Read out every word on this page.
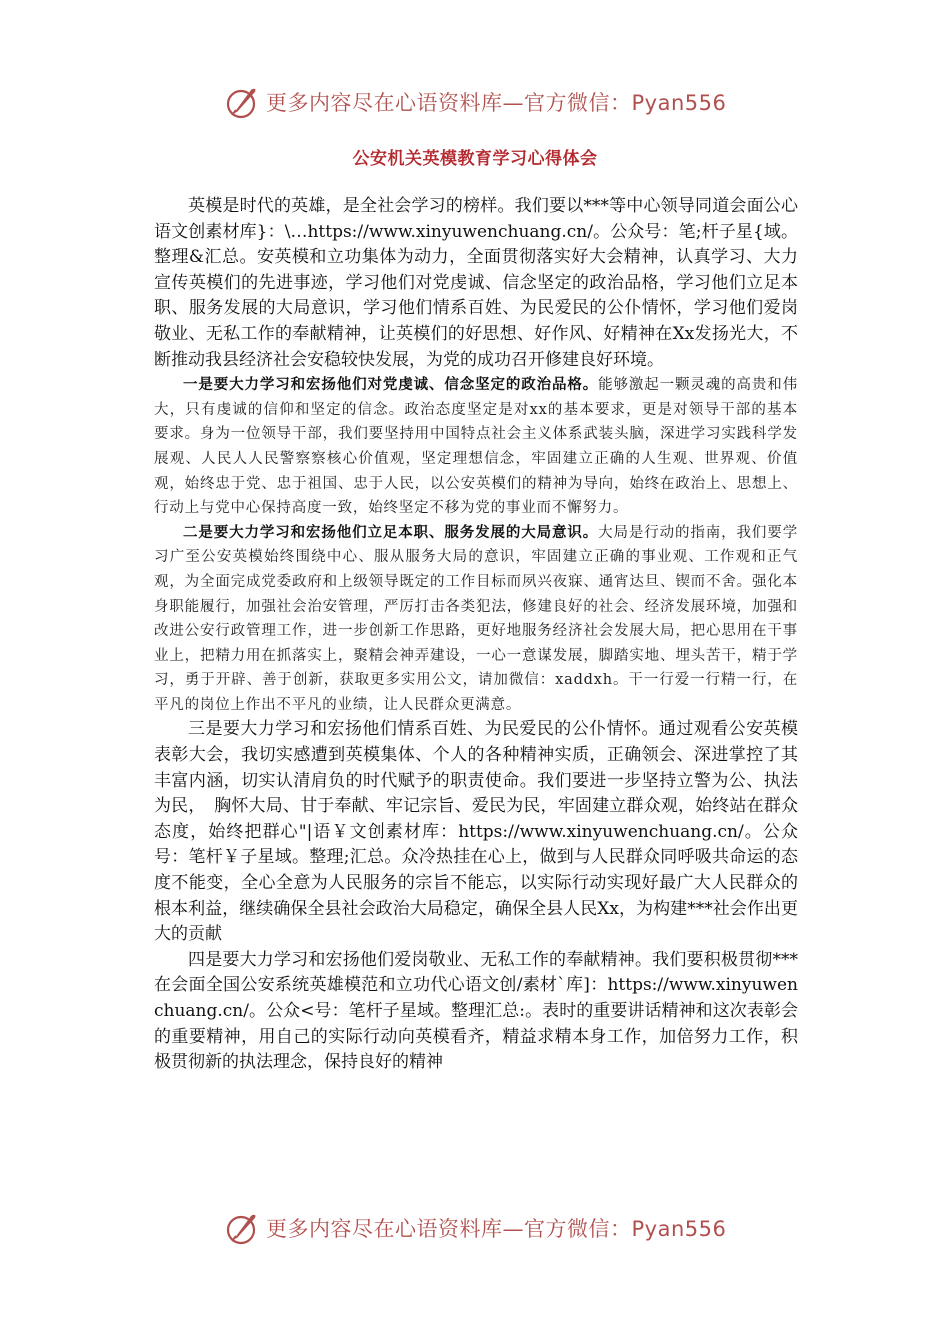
更多内容尽在心语资料库—官方微信：Pyan556
公安机关英模教育学习心得体会

英模是时代的英雄，是全社会学习的榜样。我们要以***等中心领导同道会面公心语文创素材库}：\…https://www.xinyuwenchuang.cn/。公众号：笔;杆子星{域。整理&汇总。安英模和立功集体为动力，全面贯彻落实好大会精神，认真学习、大力宣传英模们的先进事迹，学习他们对党虔诚、信念坚定的政治品格，学习他们立足本职、服务发展的大局意识，学习他们情系百姓、为民爱民的公仆情怀，学习他们爱岗敬业、无私工作的奉献精神，让英模们的好思想、好作风、好精神在Xx发扬光大，不断推动我县经济社会安稳较快发展，为党的成功召开修建良好环境。

一是要大力学习和宏扬他们对党虔诚、信念坚定的政治品格。能够激起一颗灵魂的高贵和伟大，只有虔诚的信仰和坚定的信念。政治态度坚定是对xx的基本要求，更是对领导干部的基本要求。身为一位领导干部，我们要坚持用中国特点社会主义体系武装头脑，深进学习实践科学发展观、人民人人民警察察核心价值观，坚定理想信念，牢固建立正确的人生观、世界观、价值观，始终忠于党、忠于祖国、忠于人民，以公安英模们的精神为导向，始终在政治上、思想上、行动上与党中心保持高度一致，始终坚定不移为党的事业而不懈努力。

二是要大力学习和宏扬他们立足本职、服务发展的大局意识。大局是行动的指南，我们要学习广至公安英模始终围绕中心、服从服务大局的意识，牢固建立正确的事业观、工作观和正气观，为全面完成党委政府和上级领导既定的工作目标而夙兴夜寐、通宵达旦、锲而不舍。强化本身职能履行，加强社会治安管理，严厉打击各类犯法，修建良好的社会、经济发展环境，加强和改进公安行政管理工作，进一步创新工作思路，更好地服务经济社会发展大局，把心思用在干事业上，把精力用在抓落实上，聚精会神弄建设，一心一意谋发展，脚踏实地、埋头苦干，精于学习，勇于开辟、善于创新，获取更多实用公文，请加微信：xaddxh。干一行爱一行精一行，在平凡的岗位上作出不平凡的业绩，让人民群众更满意。

三是要大力学习和宏扬他们情系百姓、为民爱民的公仆情怀。通过观看公安英模表彰大会，我切实感遭到英模集体、个人的各种精神实质，正确领会、深进掌控了其丰富内涵，切实认清肩负的时代赋予的职责使命。我们要进一步坚持立警为公、执法为民，　胸怀大局、甘于奉献、牢记宗旨、爱民为民，牢固建立群众观，始终站在群众态度，始终把群心"|语￥文创素材库：https://www.xinyuwenchuang.cn/。公众号：笔杆￥子星域。整理;汇总。众冷热挂在心上，做到与人民群众同呼吸共命运的态度不能变，全心全意为人民服务的宗旨不能忘，以实际行动实现好最广大人民群众的根本利益，继续确保全县社会政治大局稳定，确保全县人民Xx，为构建***社会作出更大的贡献

四是要大力学习和宏扬他们爱岗敬业、无私工作的奉献精神。我们要积极贯彻***在会面全国公安系统英雄模范和立功代心语文创/素材`库]：https://www.xinyuwenchuang.cn/。公众<号：笔杆子星域。整理汇总:。表时的重要讲话精神和这次表彰会的重要精神，用自己的实际行动向英模看齐，精益求精本身工作，加倍努力工作，积极贯彻新的执法理念，保持良好的精神

更多内容尽在心语资料库—官方微信：Pyan556
